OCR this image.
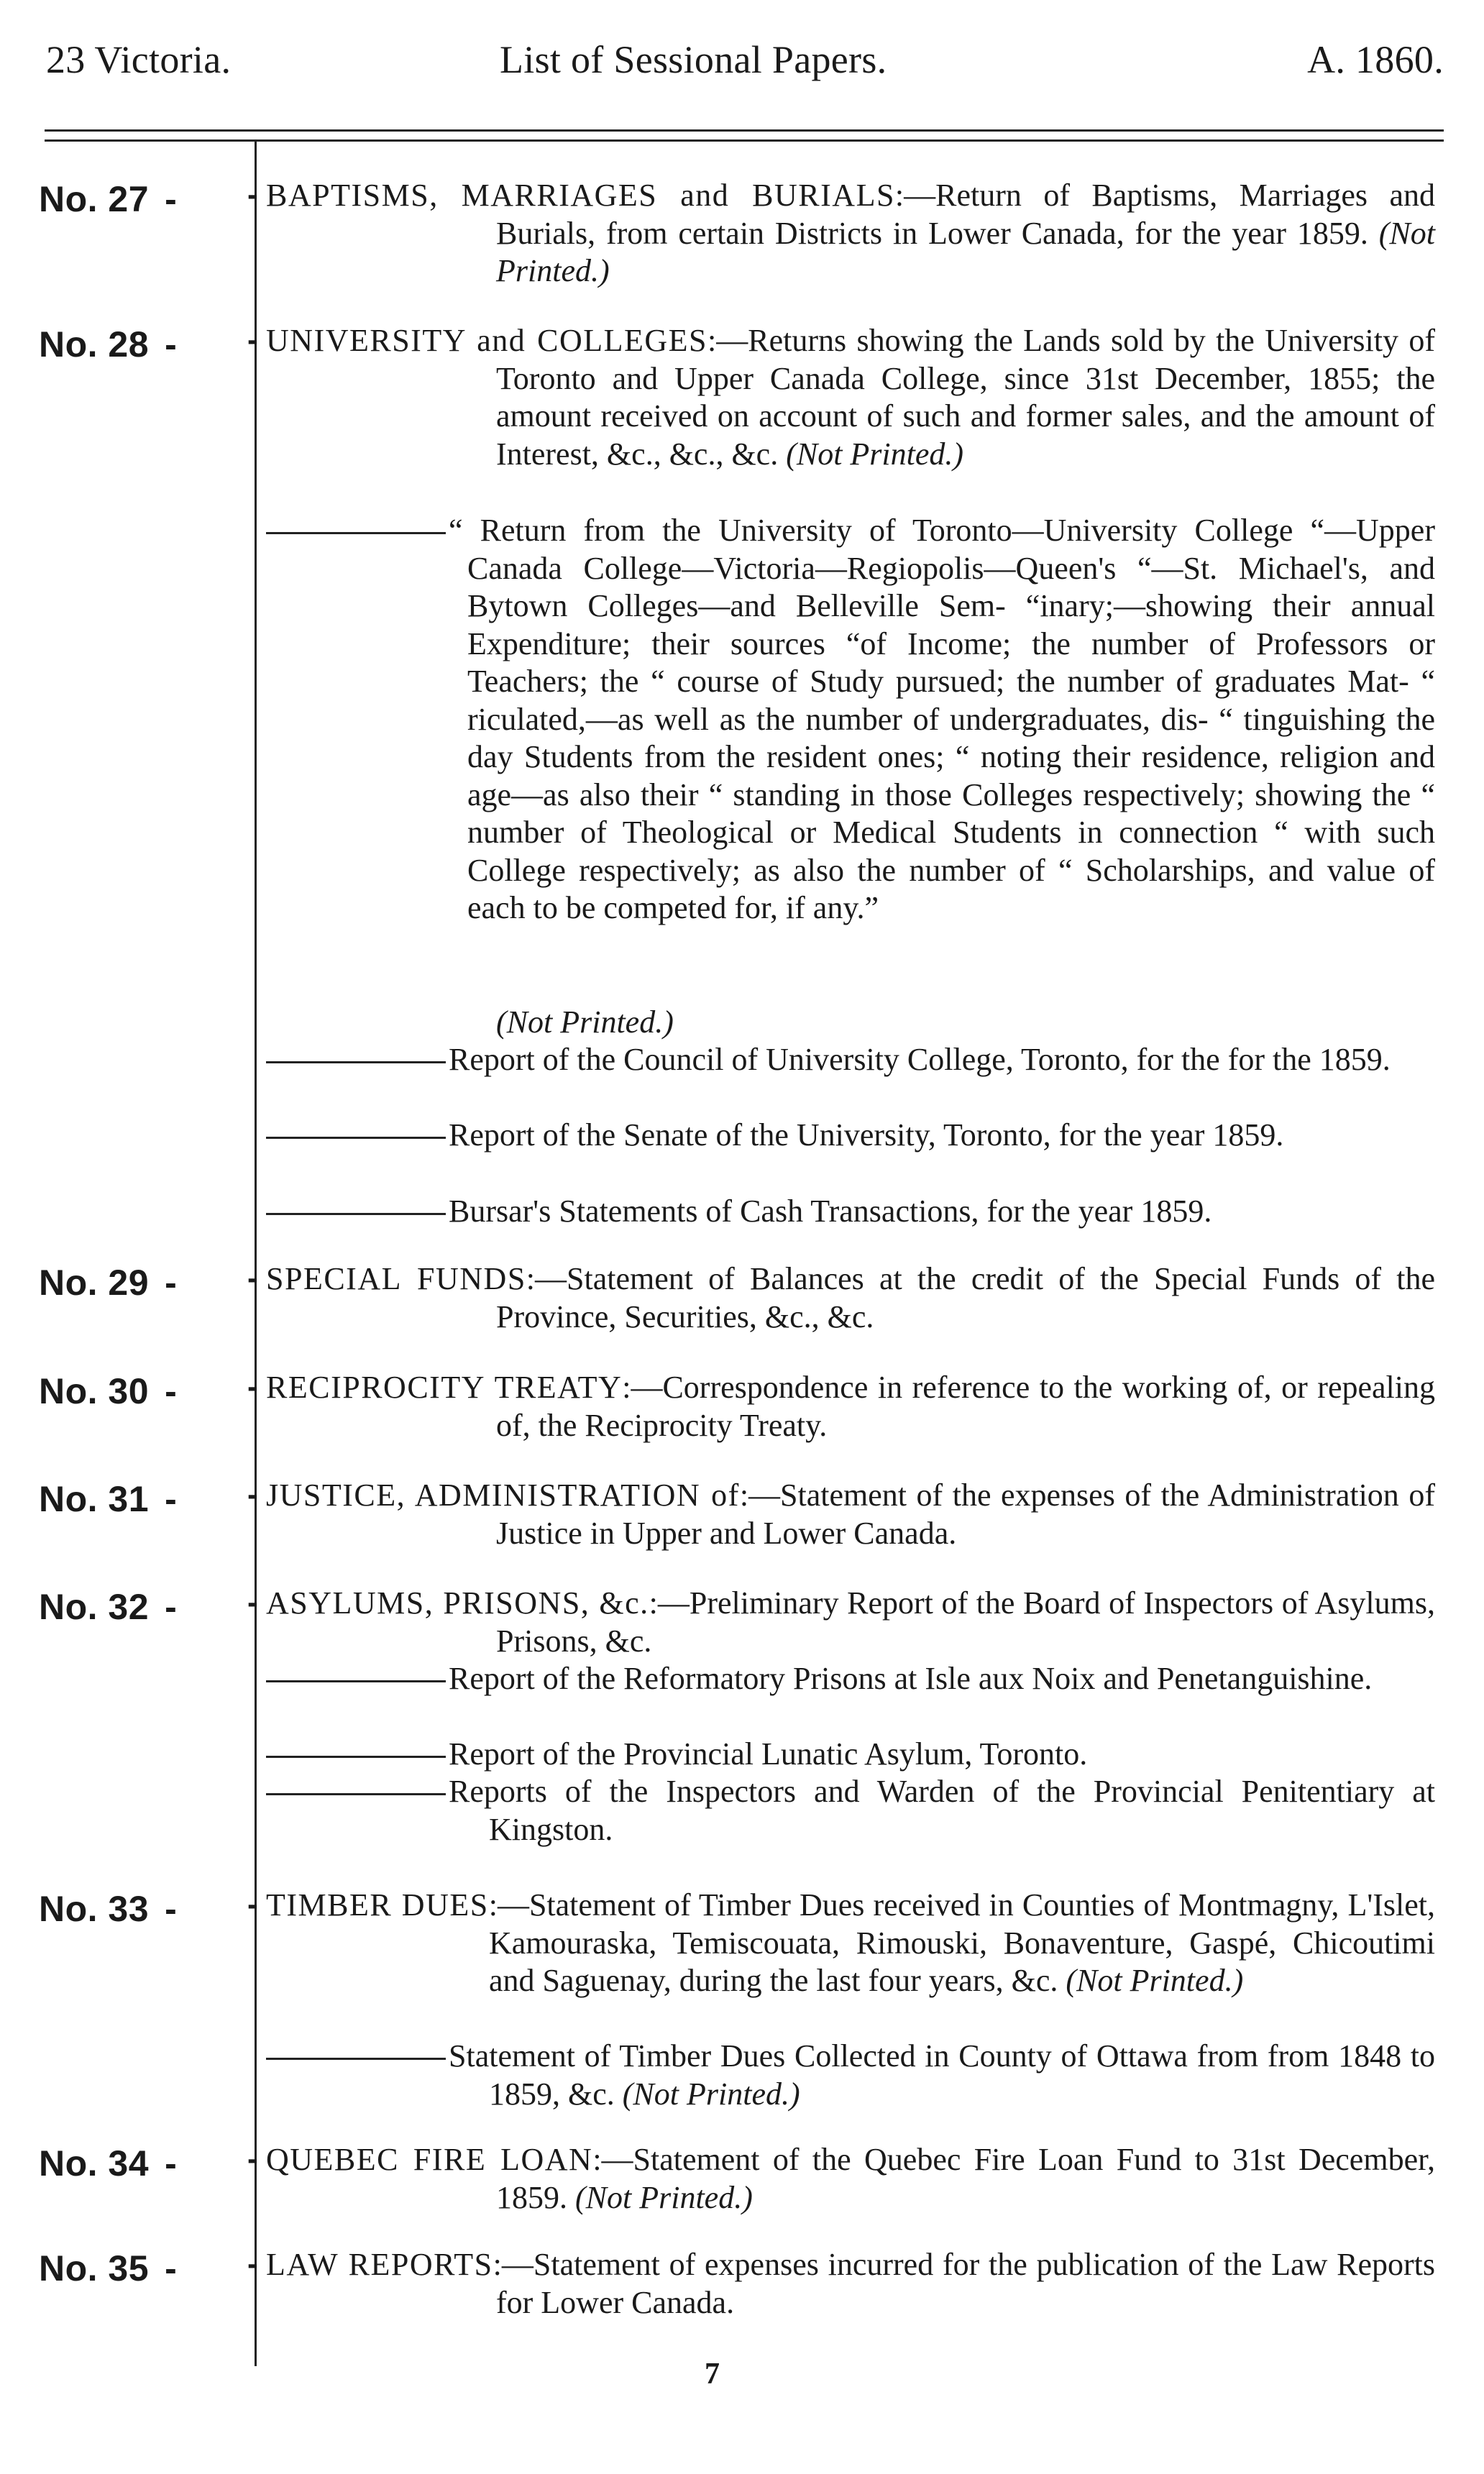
23 Victoria.	List of Sessional Papers.	A. 1860.
No. 27 - - BAPTISMS, MARRIAGES and BURIALS:—Return of Baptisms, Marriages and Burials, from certain Districts in Lower Canada, for the year 1859. (Not Printed.)
No. 28 - - UNIVERSITY and COLLEGES:—Returns showing the Lands sold by the University of Toronto and Upper Canada College, since 31st December, 1855; the amount received on account of such and former sales, and the amount of Interest, &c., &c., &c. (Not Printed.)
“ Return from the University of Toronto—University College “—Upper Canada College—Victoria—Regiopolis—Queen's “—St. Michael's, and Bytown Colleges—and Belleville Sem- “inary;—showing their annual Expenditure; their sources “of Income; the number of Professors or Teachers; the “ course of Study pursued; the number of graduates Mat- “ riculated,—as well as the number of undergraduates, dis- “ tinguishing the day Students from the resident ones; “ noting their residence, religion and age—as also their “ standing in those Colleges respectively; showing the “ number of Theological or Medical Students in connection “ with such College respectively; as also the number of “ Scholarships, and value of each to be competed for, if any.”
(Not Printed.)
Report of the Council of University College, Toronto, for the for the 1859.
Report of the Senate of the University, Toronto, for the year 1859.
Bursar's Statements of Cash Transactions, for the year 1859.
No. 29 - - SPECIAL FUNDS:—Statement of Balances at the credit of the Special Funds of the Province, Securities, &c., &c.
No. 30 - - RECIPROCITY TREATY:—Correspondence in reference to the working of, or repealing of, the Reciprocity Treaty.
No. 31 - - JUSTICE, ADMINISTRATION of:—Statement of the expenses of the Administration of Justice in Upper and Lower Canada.
No. 32 - - ASYLUMS, PRISONS, &c.:—Preliminary Report of the Board of Inspectors of Asylums, Prisons, &c.
Report of the Reformatory Prisons at Isle aux Noix and Penetanguishine.
Report of the Provincial Lunatic Asylum, Toronto.
Reports of the Inspectors and Warden of the Provincial Penitentiary at Kingston.
No. 33 - - TIMBER DUES:—Statement of Timber Dues received in Counties of Montmagny, L'Islet, Kamouraska, Temiscouata, Rimouski, Bonaventure, Gaspé, Chicoutimi and Saguenay, during the last four years, &c. (Not Printed.)
Statement of Timber Dues Collected in County of Ottawa from from 1848 to 1859, &c. (Not Printed.)
No. 34 - - QUEBEC FIRE LOAN:—Statement of the Quebec Fire Loan Fund to 31st December, 1859. (Not Printed.)
No. 35 - - LAW REPORTS:—Statement of expenses incurred for the publication of the Law Reports for Lower Canada.
7
